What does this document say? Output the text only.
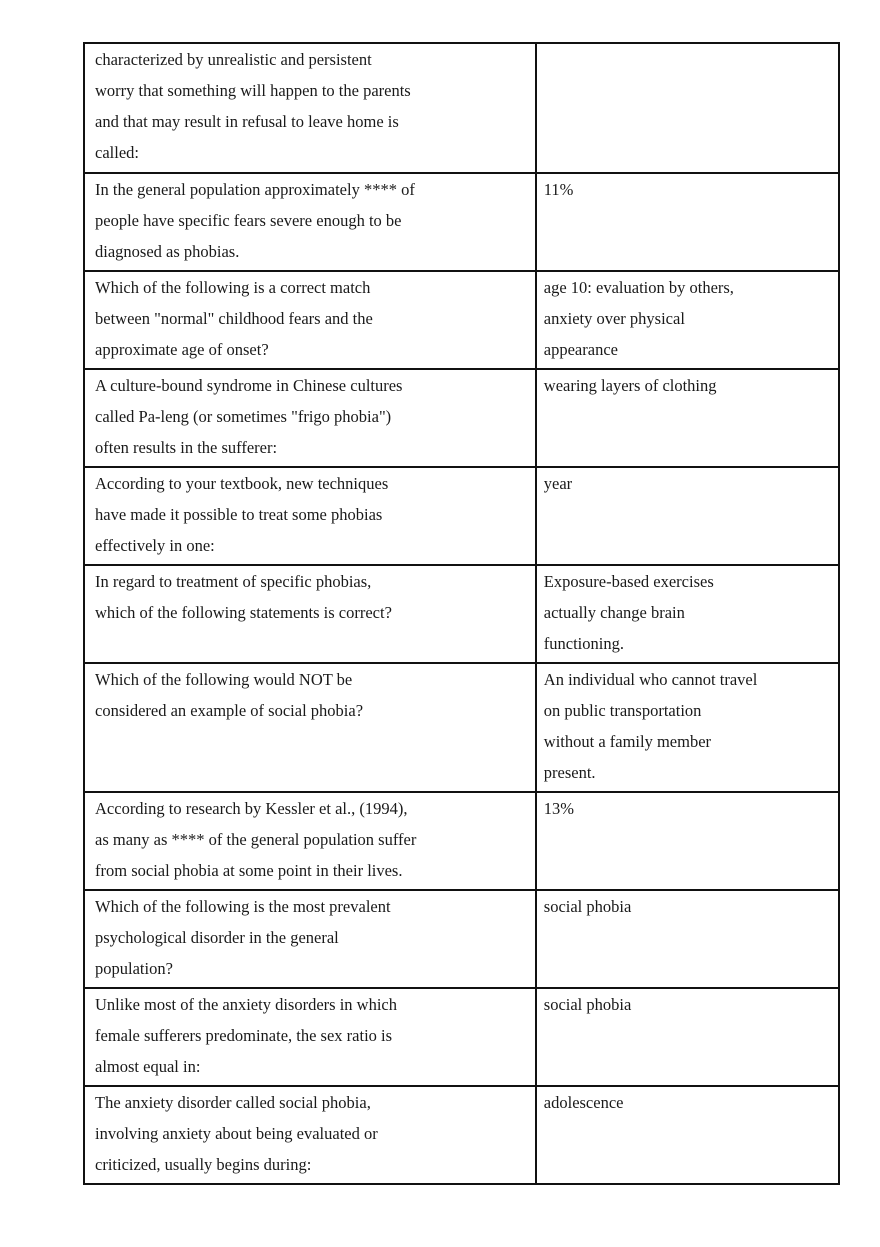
characterized by unrealistic and persistent
worry that something will happen to the parents
and that may result in refusal to leave home is
called:	

In the general population approximately **** of
people have specific fears severe enough to be
diagnosed as phobias.	11%

Which of the following is a correct match
between "normal" childhood fears and the
approximate age of onset?	age 10: evaluation by others,
anxiety over physical
appearance

A culture-bound syndrome in Chinese cultures
called Pa-leng (or sometimes "frigo phobia")
often results in the sufferer:	wearing layers of clothing

According to your textbook, new techniques
have made it possible to treat some phobias
effectively in one:	year

In regard to treatment of specific phobias,
which of the following statements is correct?	Exposure-based exercises
actually change brain
functioning.

Which of the following would NOT be
considered an example of social phobia?	An individual who cannot travel
on public transportation
without a family member
present.

According to research by Kessler et al., (1994),
as many as **** of the general population suffer
from social phobia at some point in their lives.	13%

Which of the following is the most prevalent
psychological disorder in the general
population?	social phobia

Unlike most of the anxiety disorders in which
female sufferers predominate, the sex ratio is
almost equal in:	social phobia

The anxiety disorder called social phobia,
involving anxiety about being evaluated or
criticized, usually begins during:	adolescence
